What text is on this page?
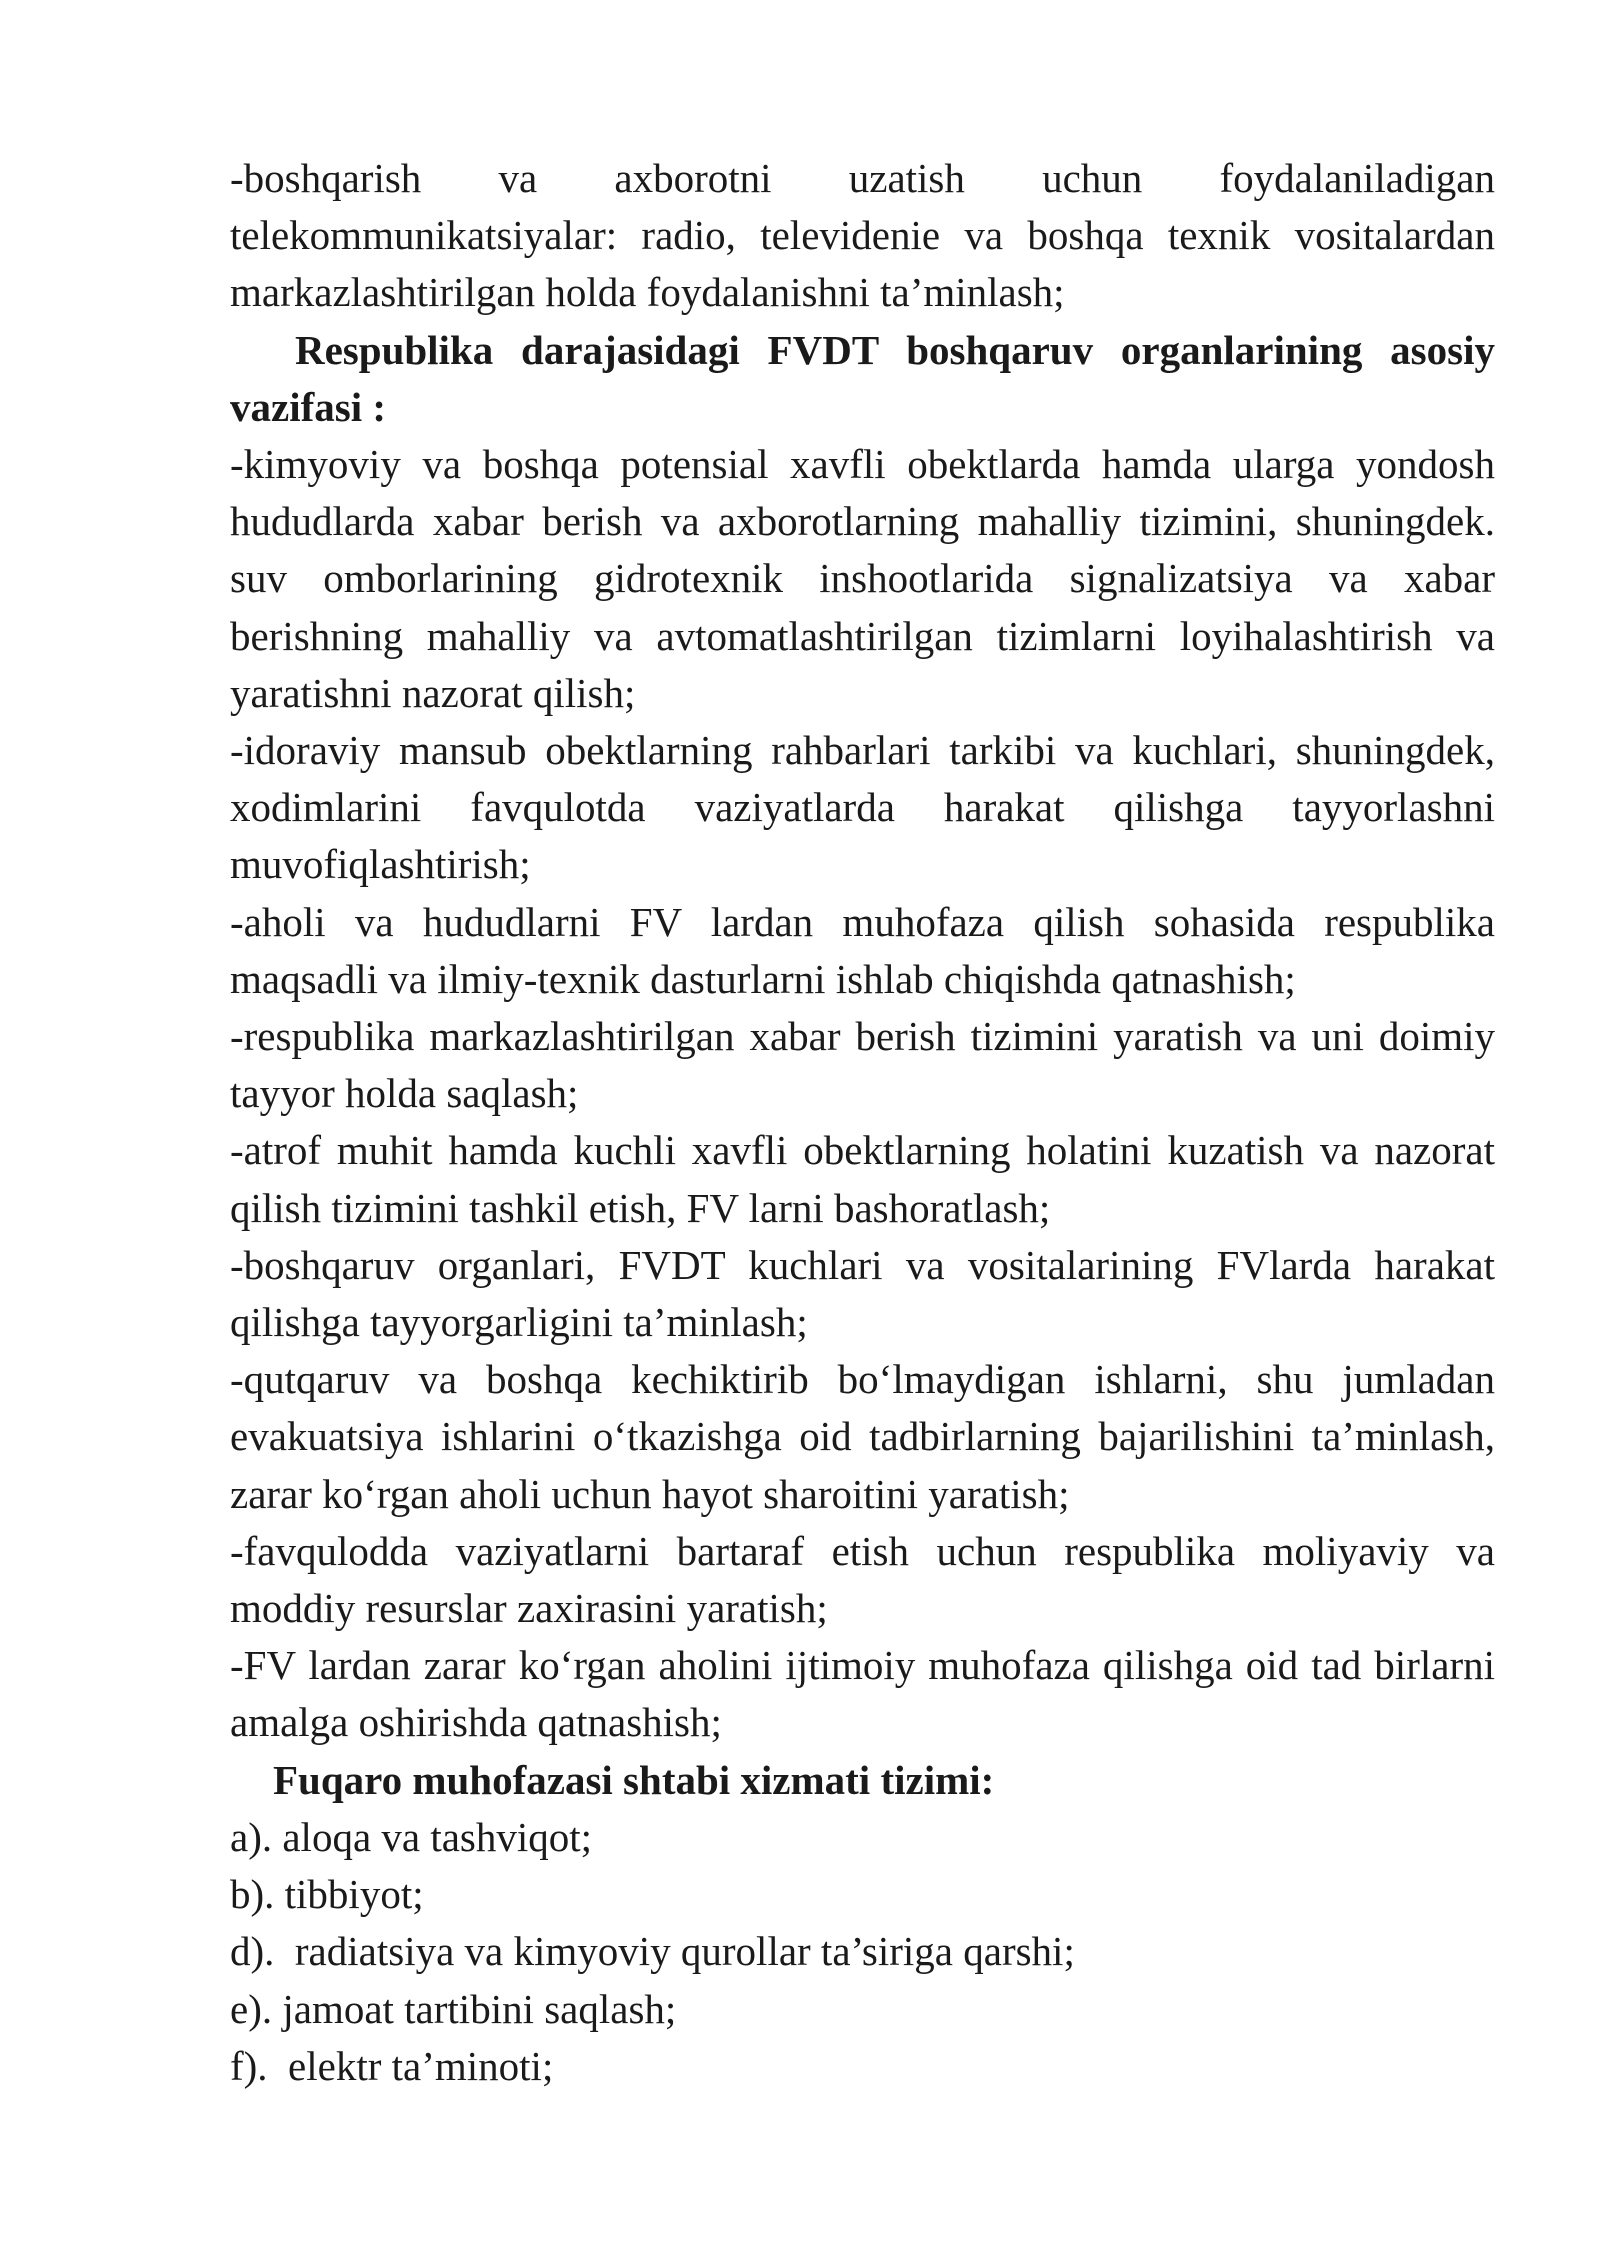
-boshqarish va axborotni uzatish uchun foydalaniladigan telekommunikatsiyalar: radio, televidenie va boshqa texnik vositalardan markazlashtirilgan holda foydalanishni ta’minlash;

Respublika darajasidagi FVDT boshqaruv organlarining asosiy vazifasi :

-kimyoviy va boshqa potensial xavfli obektlarda hamda ularga yondosh hududlarda xabar berish va axborotlarning mahalliy tizimini, shuningdek. suv omborlarining gidrotexnik inshootlarida signalizatsiya va xabar berishning mahalliy va avtomatlashtirilgan tizimlarni loyihalashtirish va yaratishni nazorat qilish;

-idoraviy mansub obektlarning rahbarlari tarkibi va kuchlari, shuningdek, xodimlarini favqulotda vaziyatlarda harakat qilishga tayyorlashni muvofiqlashtirish;

-aholi va hududlarni FV lardan muhofaza qilish sohasida respublika maqsadli va ilmiy-texnik dasturlarni ishlab chiqishda qatnashish;

-respublika markazlashtirilgan xabar berish tizimini yaratish va uni doimiy tayyor holda saqlash;

-atrof muhit hamda kuchli xavfli obektlarning holatini kuzatish va nazorat qilish tizimini tashkil etish, FV larni bashoratlash;

-boshqaruv organlari, FVDT kuchlari va vositalarining FVlarda harakat qilishga tayyorgarligini ta’minlash;

-qutqaruv va boshqa kechiktirib bo‘lmaydigan ishlarni, shu jumladan evakuatsiya ishlarini o‘tkazishga oid tadbirlarning bajarilishini ta’minlash, zarar ko‘rgan aholi uchun hayot sharoitini yaratish;

-favqulodda vaziyatlarni bartaraf etish uchun respublika moliyaviy va moddiy resurslar zaxirasini yaratish;

-FV lardan zarar ko‘rgan aholini ijtimoiy muhofaza qilishga oid tad birlarni amalga oshirishda qatnashish;

Fuqaro muhofazasi shtabi xizmati tizimi:

a). aloqa va tashviqot;

b). tibbiyot;

d).  radiatsiya va kimyoviy qurollar ta’siriga qarshi;

e). jamoat tartibini saqlash;

f).  elektr ta’minoti;
